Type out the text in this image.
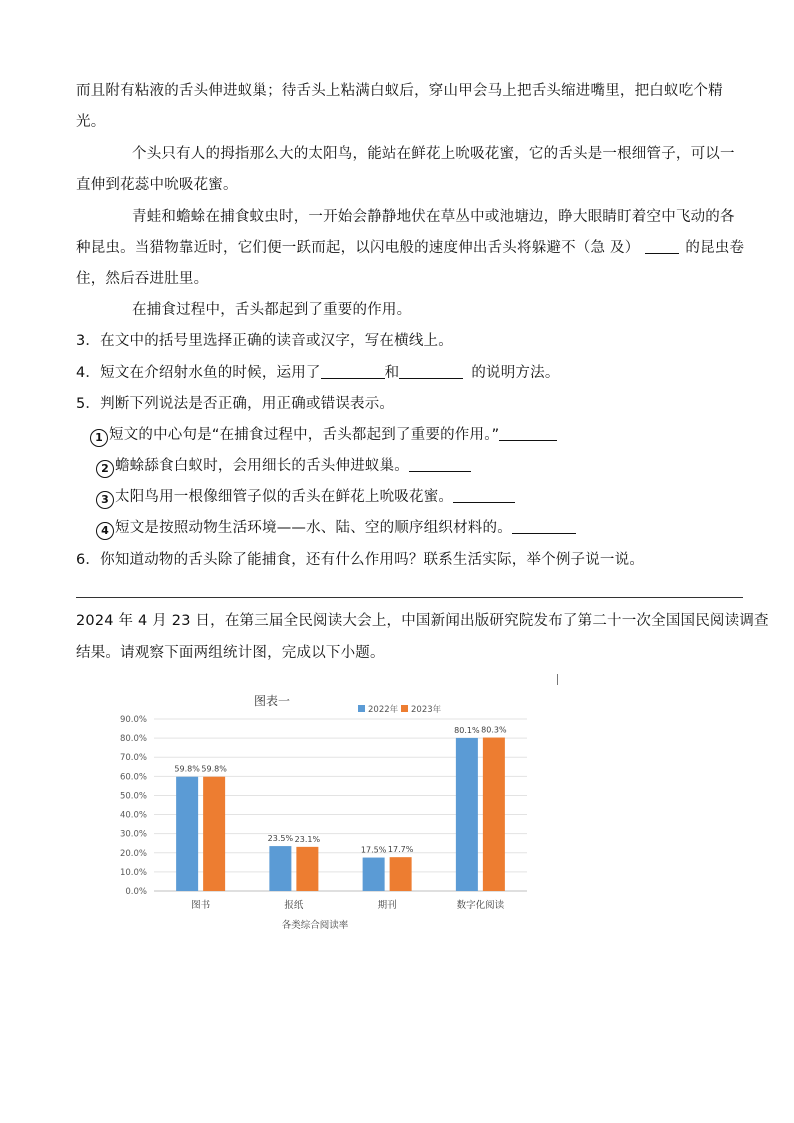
而且附有粘液的舌头伸进蚁巢；待舌头上粘满白蚁后，穿山甲会马上把舌头缩进嘴里，把白蚁吃个精
光。
个头只有人的拇指那么大的太阳鸟，能站在鲜花上吮吸花蜜，它的舌头是一根细管子，可以一
直伸到花蕊中吮吸花蜜。
青蛙和蟾蜍在捕食蚊虫时，一开始会静静地伏在草丛中或池塘边，睁大眼睛盯着空中飞动的各
种昆虫。当猎物靠近时，它们便一跃而起，以闪电般的速度伸出舌头将躲避不（急 及）	的昆虫卷
住，然后吞进肚里。
在捕食过程中，舌头都起到了重要的作用。
3．在文中的括号里选择正确的读音或汉字，写在横线上。
4．短文在介绍射水鱼的时候，运用了	和	的说明方法。
5．判断下列说法是否正确，用正确或错误表示。
1 短文的中心句是“在捕食过程中，舌头都起到了重要的作用。”
2 蟾蜍舔食白蚁时，会用细长的舌头伸进蚁巢。
3 太阳鸟用一根像细管子似的舌头在鲜花上吮吸花蜜。
4 短文是按照动物生活环境——水、陆、空的顺序组织材料的。
6．你知道动物的舌头除了能捕食，还有什么作用吗？联系生活实际，举个例子说一说。
2024 年 4 月 23 日，在第三届全民阅读大会上，中国新闻出版研究院发布了第二十一次全国国民阅读调查
结果。请观察下面两组统计图，完成以下小题。
图表一
2022年 2023年
0.0%
10.0%
20.0%
30.0%
40.0%
50.0%
60.0%
70.0%
80.0%
90.0%
59.8% 59.8%
图书
23.5% 23.1%
报纸
17.5% 17.7%
期刊
80.1% 80.3%
数字化阅读
各类综合阅读率
